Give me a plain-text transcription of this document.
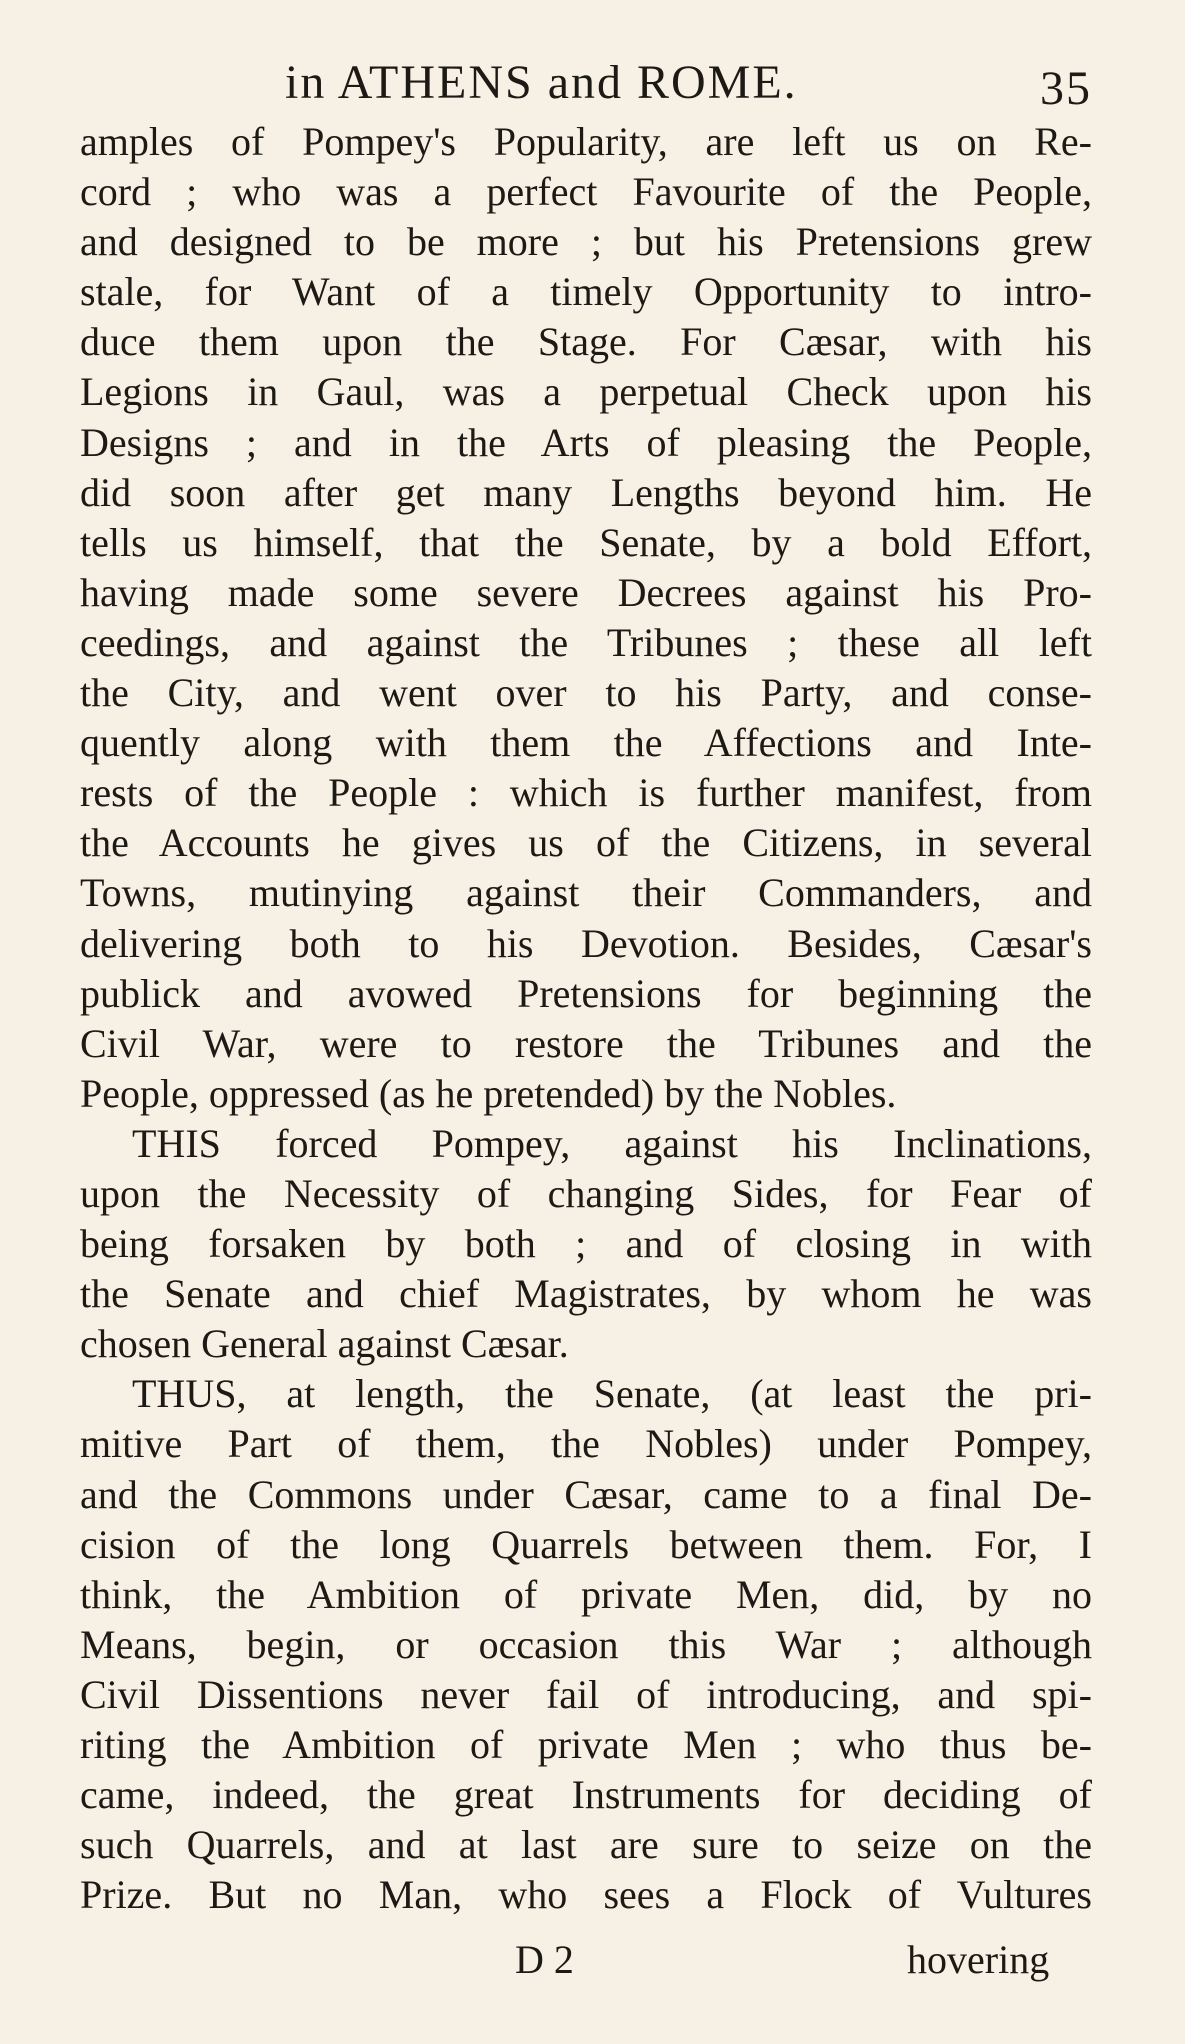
in ATHENS and ROME.	35
amples of Pompey's Popularity, are left us on Re-
cord ; who was a perfect Favourite of the People,
and designed to be more ; but his Pretensions grew
stale, for Want of a timely Opportunity to intro-
duce them upon the Stage. For Cæsar, with his
Legions in Gaul, was a perpetual Check upon his
Designs ; and in the Arts of pleasing the People,
did soon after get many Lengths beyond him. He
tells us himself, that the Senate, by a bold Effort,
having made some severe Decrees against his Pro-
ceedings, and against the Tribunes ; these all left
the City, and went over to his Party, and conse-
quently along with them the Affections and Inte-
rests of the People : which is further manifest, from
the Accounts he gives us of the Citizens, in several
Towns, mutinying against their Commanders, and
delivering both to his Devotion. Besides, Cæsar's
publick and avowed Pretensions for beginning the
Civil War, were to restore the Tribunes and the
People, oppressed (as he pretended) by the Nobles.
THIS forced Pompey, against his Inclinations,
upon the Necessity of changing Sides, for Fear of
being forsaken by both ; and of closing in with
the Senate and chief Magistrates, by whom he was
chosen General against Cæsar.
THUS, at length, the Senate, (at least the pri-
mitive Part of them, the Nobles) under Pompey,
and the Commons under Cæsar, came to a final De-
cision of the long Quarrels between them. For, I
think, the Ambition of private Men, did, by no
Means, begin, or occasion this War ; although
Civil Dissentions never fail of introducing, and spi-
riting the Ambition of private Men ; who thus be-
came, indeed, the great Instruments for deciding of
such Quarrels, and at last are sure to seize on the
Prize. But no Man, who sees a Flock of Vultures
D 2	hovering
